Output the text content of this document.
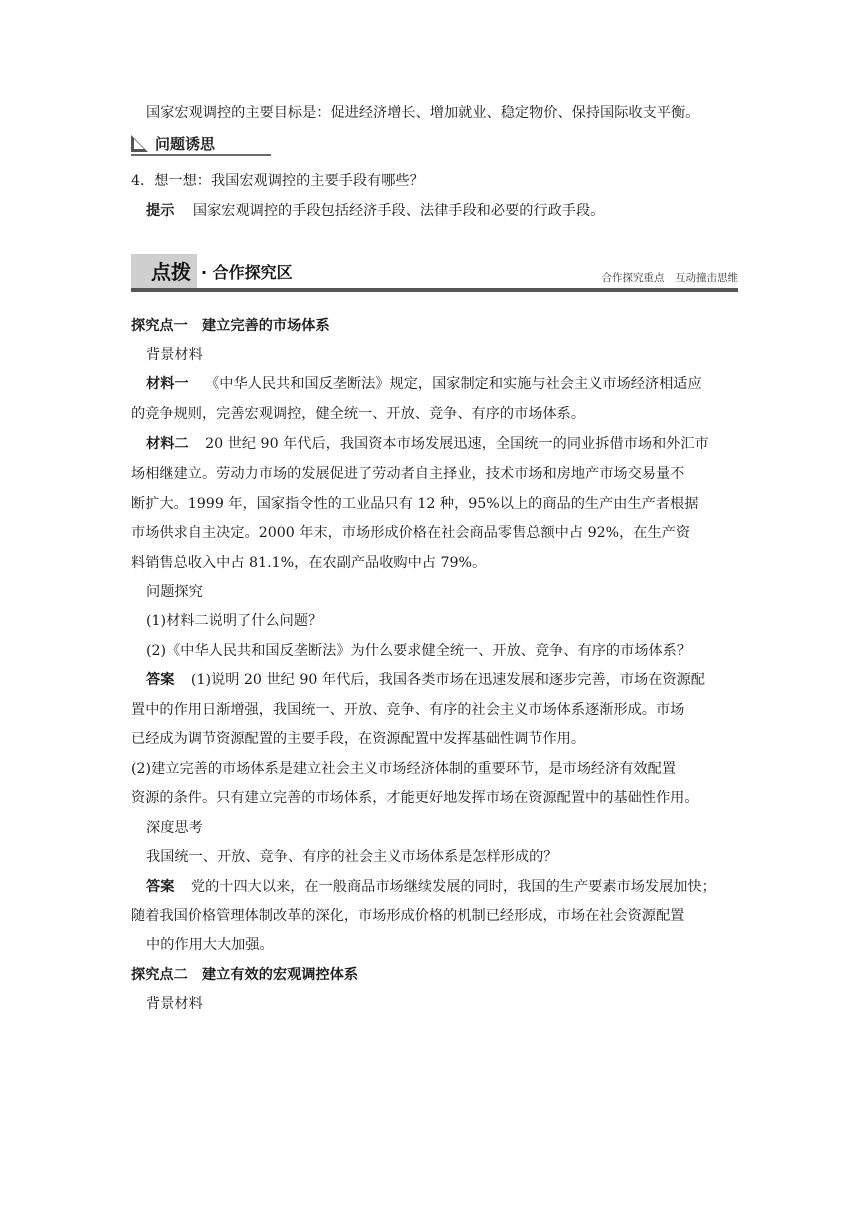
国家宏观调控的主要目标是：促进经济增长、增加就业、稳定物价、保持国际收支平衡。
问题诱思
4．想一想：我国宏观调控的主要手段有哪些？
提示 国家宏观调控的手段包括经济手段、法律手段和必要的行政手段。
点拨 · 合作探究区	合作探究重点　互动撞击思维
探究点一　建立完善的市场体系
背景材料
材料一 《中华人民共和国反垄断法》规定，国家制定和实施与社会主义市场经济相适应
的竞争规则，完善宏观调控，健全统一、开放、竞争、有序的市场体系。
材料二 20 世纪 90 年代后，我国资本市场发展迅速，全国统一的同业拆借市场和外汇市
场相继建立。劳动力市场的发展促进了劳动者自主择业，技术市场和房地产市场交易量不
断扩大。1999 年，国家指令性的工业品只有 12 种，95%以上的商品的生产由生产者根据
市场供求自主决定。2000 年末，市场形成价格在社会商品零售总额中占 92%，在生产资
料销售总收入中占 81.1%，在农副产品收购中占 79%。
问题探究
(1)材料二说明了什么问题？
(2)《中华人民共和国反垄断法》为什么要求健全统一、开放、竞争、有序的市场体系？
答案 (1)说明 20 世纪 90 年代后，我国各类市场在迅速发展和逐步完善，市场在资源配
置中的作用日渐增强，我国统一、开放、竞争、有序的社会主义市场体系逐渐形成。市场
已经成为调节资源配置的主要手段，在资源配置中发挥基础性调节作用。
(2)建立完善的市场体系是建立社会主义市场经济体制的重要环节，是市场经济有效配置
资源的条件。只有建立完善的市场体系，才能更好地发挥市场在资源配置中的基础性作用。
深度思考
我国统一、开放、竞争、有序的社会主义市场体系是怎样形成的？
答案 党的十四大以来，在一般商品市场继续发展的同时，我国的生产要素市场发展加快；
随着我国价格管理体制改革的深化，市场形成价格的机制已经形成，市场在社会资源配置
中的作用大大加强。
探究点二　建立有效的宏观调控体系
背景材料
